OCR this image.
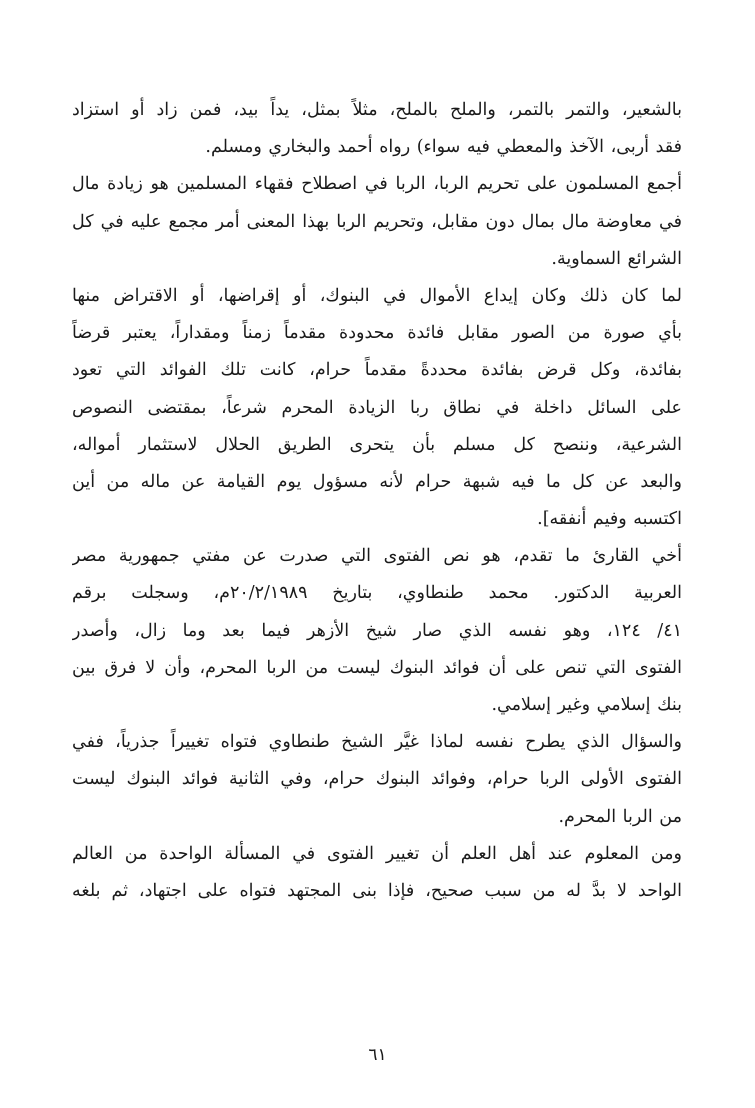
بالشعير، والتمر بالتمر، والملح بالملح، مثلاً بمثل، يداً بيد، فمن زاد أو استزاد
فقد أربى، الآخذ والمعطي فيه سواء) رواه أحمد والبخاري ومسلم.
أجمع المسلمون على تحريم الربا، الربا في اصطلاح فقهاء المسلمين هو زيادة مال
في معاوضة مال بمال دون مقابل، وتحريم الربا بهذا المعنى أمر مجمع عليه في كل
الشرائع السماوية.
لما كان ذلك وكان إيداع الأموال في البنوك، أو إقراضها، أو الاقتراض منها
بأي صورة من الصور مقابل فائدة محدودة مقدماً زمناً ومقداراً، يعتبر قرضاً
بفائدة، وكل قرض بفائدة محددةً مقدماً حرام، كانت تلك الفوائد التي تعود
على السائل داخلة في نطاق ربا الزيادة المحرم شرعاً، بمقتضى النصوص
الشرعية، وننصح كل مسلم بأن يتحرى الطريق الحلال لاستثمار أمواله،
والبعد عن كل ما فيه شبهة حرام لأنه مسؤول يوم القيامة عن ماله من أين
اكتسبه وفيم أنفقه].
أخي القارئ ما تقدم، هو نص الفتوى التي صدرت عن مفتي جمهورية مصر
العربية الدكتور. محمد طنطاوي، بتاريخ ٢٠/٢/١٩٨٩م، وسجلت برقم
٤١/ ١٢٤، وهو نفسه الذي صار شيخ الأزهر فيما بعد وما زال، وأصدر
الفتوى التي تنص على أن فوائد البنوك ليست من الربا المحرم، وأن لا فرق بين
بنك إسلامي وغير إسلامي.
والسؤال الذي يطرح نفسه لماذا غيَّر الشيخ طنطاوي فتواه تغييراً جذرياً، ففي
الفتوى الأولى الربا حرام، وفوائد البنوك حرام، وفي الثانية فوائد البنوك ليست
من الربا المحرم.
ومن المعلوم عند أهل العلم أن تغيير الفتوى في المسألة الواحدة من العالم
الواحد لا بدَّ له من سبب صحيح، فإذا بنى المجتهد فتواه على اجتهاد، ثم بلغه
٦١
